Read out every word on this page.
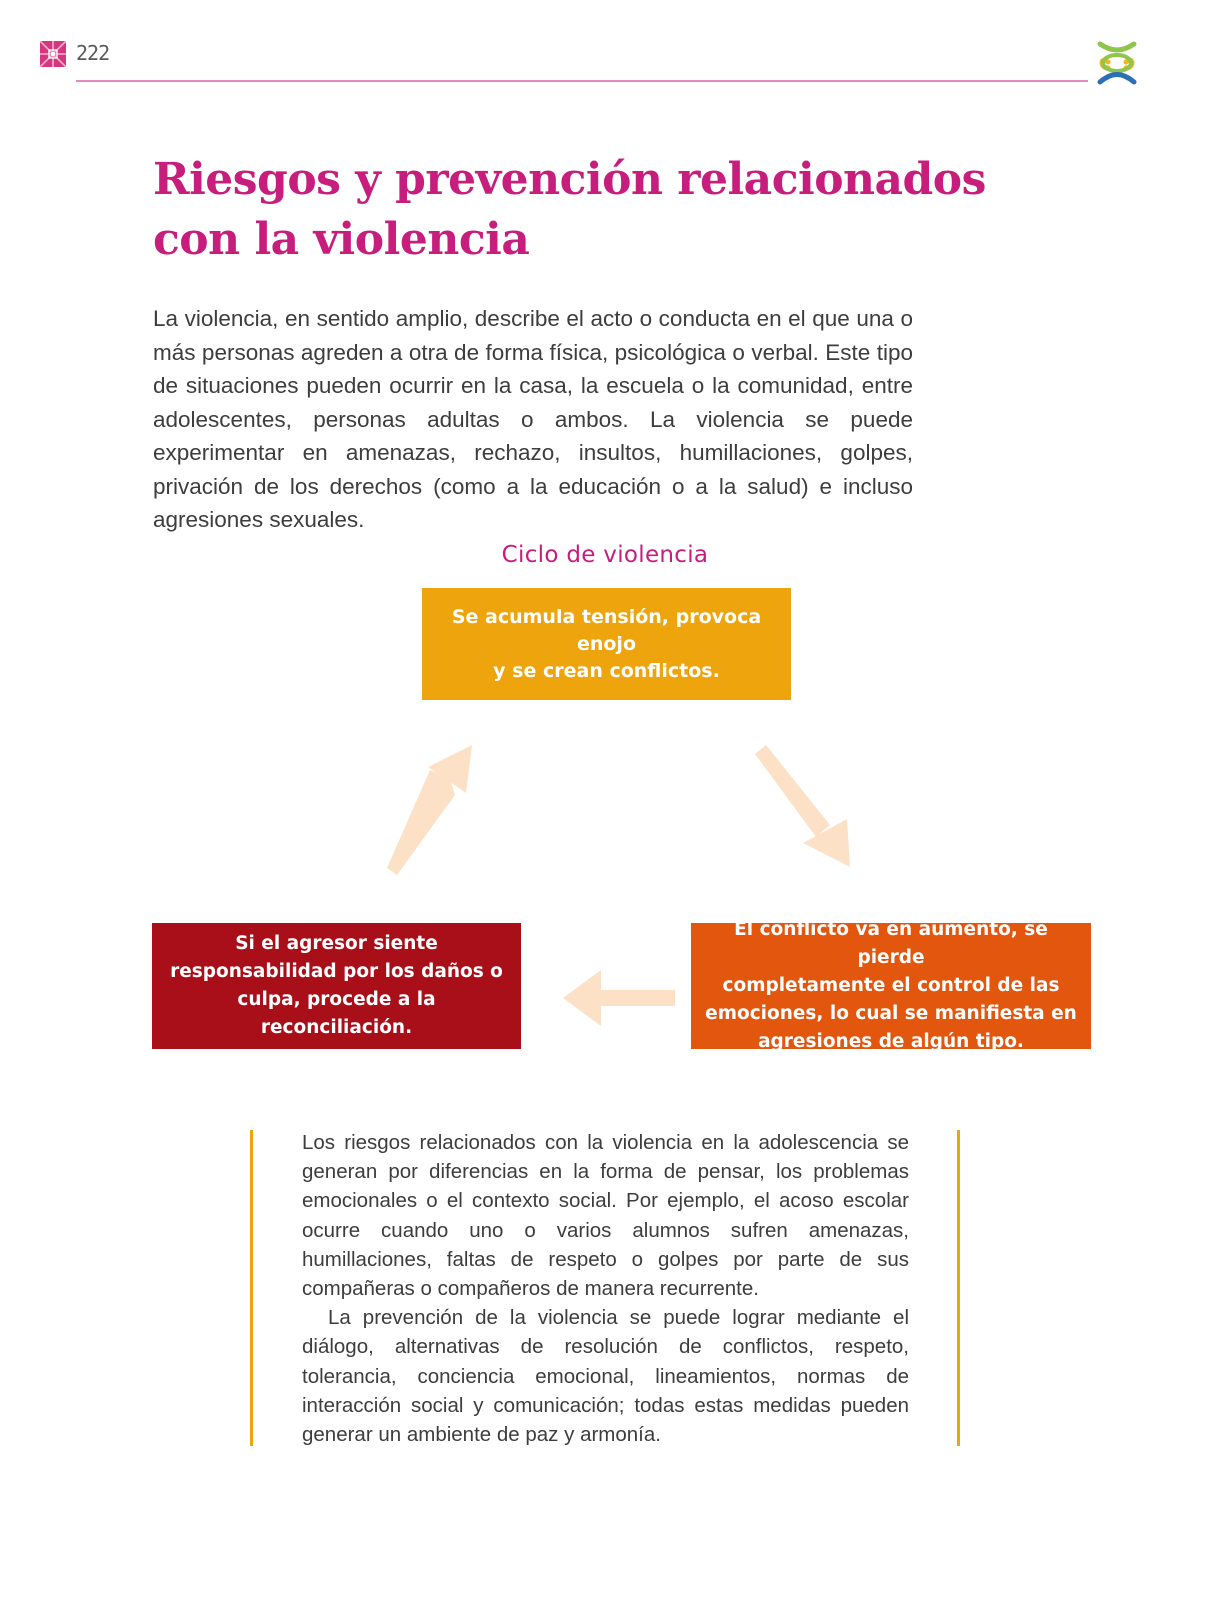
222
Riesgos y prevención relacionados
con la violencia

La violencia, en sentido amplio, describe el acto o conducta en el que una o más personas agreden a otra de forma física, psicológica o verbal. Este tipo de situaciones pueden ocurrir en la casa, la escuela o la comunidad, entre adolescentes, personas adultas o ambos. La violencia se puede experimentar en amenazas, rechazo, insultos, humillaciones, golpes, privación de los derechos (como a la educación o a la salud) e incluso agresiones sexuales.

Ciclo de violencia
Se acumula tensión, provoca enojo
y se crean conflictos.
El conflicto va en aumento, se pierde
completamente el control de las
emociones, lo cual se manifiesta en
agresiones de algún tipo.
Si el agresor siente
responsabilidad por los daños o
culpa, procede a la reconciliación.

Los riesgos relacionados con la violencia en la adolescencia se generan por diferencias en la forma de pensar, los problemas emocionales o el contexto social. Por ejemplo, el acoso escolar ocurre cuando uno o varios alumnos sufren amenazas, humillaciones, faltas de respeto o golpes por parte de sus compañeras o compañeros de manera recurrente.

La prevención de la violencia se puede lograr mediante el diálogo, alternativas de resolución de conflictos, respeto, tolerancia, conciencia emocional, lineamientos, normas de interacción social y comunicación; todas estas medidas pueden generar un ambiente de paz y armonía.
